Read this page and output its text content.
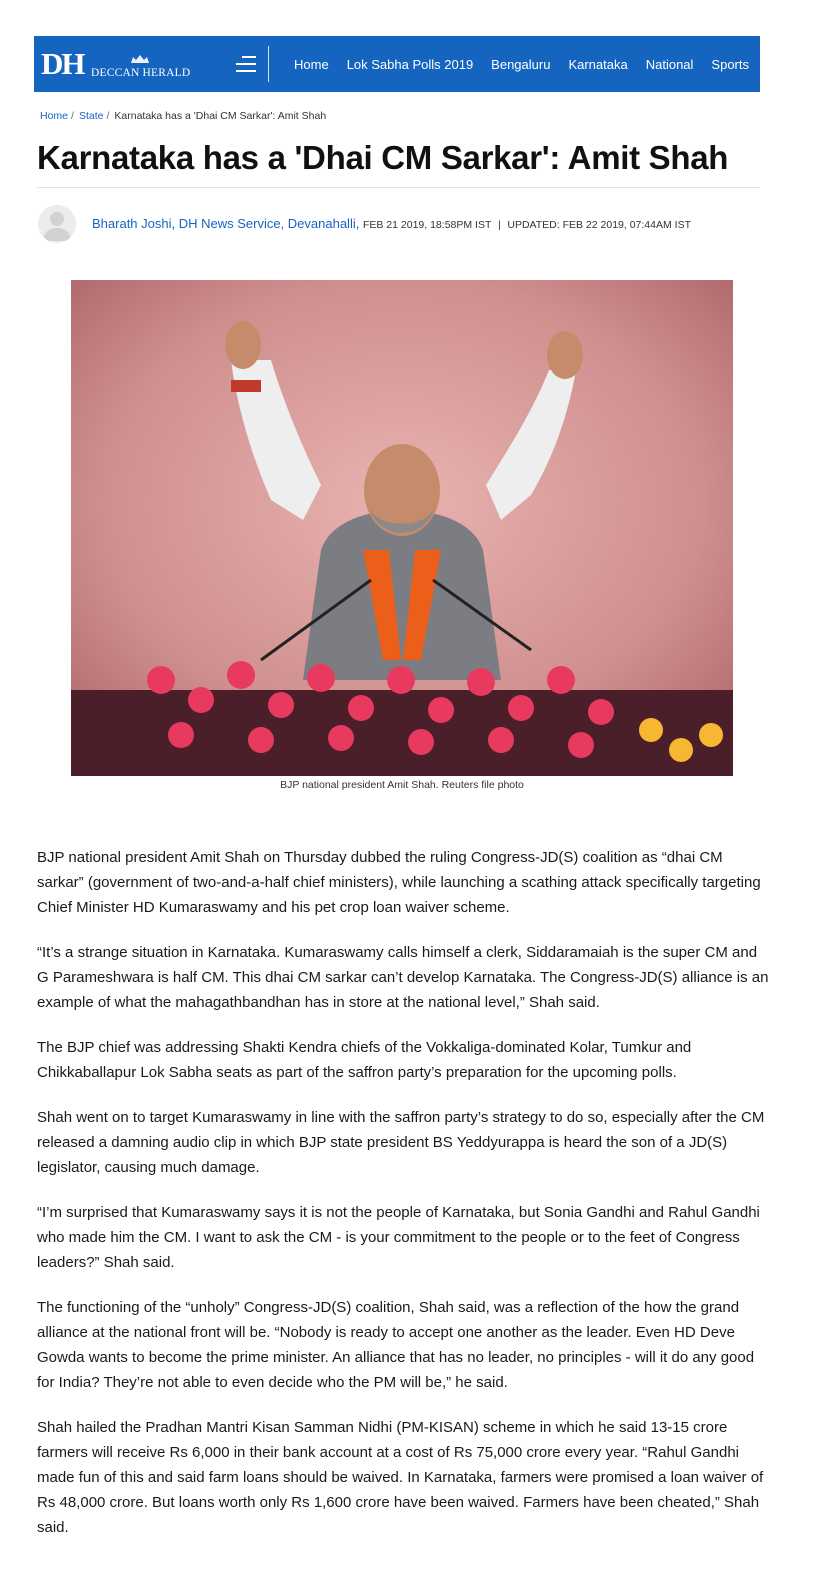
DH DECCAN HERALD
Home Lok Sabha Polls 2019 Bengaluru Karnataka National Sports
Home / State / Karnataka has a 'Dhai CM Sarkar': Amit Shah
Karnataka has a 'Dhai CM Sarkar': Amit Shah
Bharath Joshi, DH News Service, Devanahalli, FEB 21 2019, 18:58PM IST | UPDATED: FEB 22 2019, 07:44AM IST
BJP national president Amit Shah. Reuters file photo

BJP national president Amit Shah on Thursday dubbed the ruling Congress-JD(S) coalition as “dhai CM sarkar” (government of two-and-a-half chief ministers), while launching a scathing attack specifically targeting Chief Minister HD Kumaraswamy and his pet crop loan waiver scheme.

“It’s a strange situation in Karnataka. Kumaraswamy calls himself a clerk, Siddaramaiah is the super CM and G Parameshwara is half CM. This dhai CM sarkar can’t develop Karnataka. The Congress-JD(S) alliance is an example of what the mahagathbandhan has in store at the national level,” Shah said.

The BJP chief was addressing Shakti Kendra chiefs of the Vokkaliga-dominated Kolar, Tumkur and Chikkaballapur Lok Sabha seats as part of the saffron party’s preparation for the upcoming polls.

Shah went on to target Kumaraswamy in line with the saffron party’s strategy to do so, especially after the CM released a damning audio clip in which BJP state president BS Yeddyurappa is heard the son of a JD(S) legislator, causing much damage.

“I’m surprised that Kumaraswamy says it is not the people of Karnataka, but Sonia Gandhi and Rahul Gandhi who made him the CM. I want to ask the CM - is your commitment to the people or to the feet of Congress leaders?” Shah said.

The functioning of the “unholy” Congress-JD(S) coalition, Shah said, was a reflection of the how the grand alliance at the national front will be. “Nobody is ready to accept one another as the leader. Even HD Deve Gowda wants to become the prime minister. An alliance that has no leader, no principles - will it do any good for India? They’re not able to even decide who the PM will be,” he said.

Shah hailed the Pradhan Mantri Kisan Samman Nidhi (PM-KISAN) scheme in which he said 13-15 crore farmers will receive Rs 6,000 in their bank account at a cost of Rs 75,000 crore every year. “Rahul Gandhi made fun of this and said farm loans should be waived. In Karnataka, farmers were promised a loan waiver of Rs 48,000 crore. But loans worth only Rs 1,600 crore have been waived. Farmers have been cheated,” Shah said.
